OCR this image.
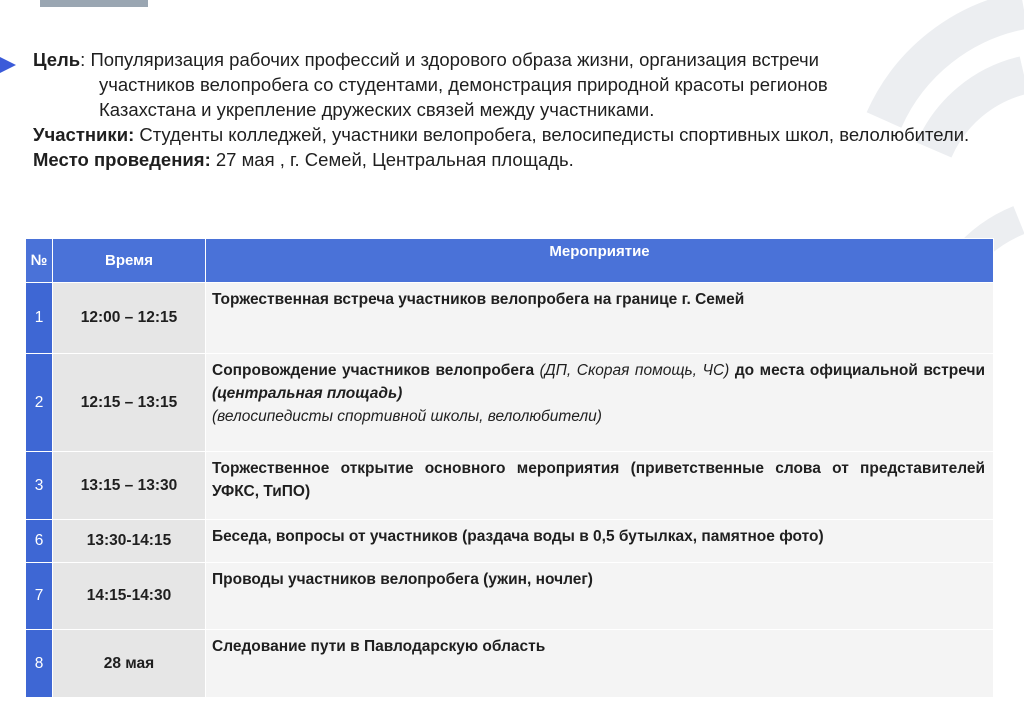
Цель: Популяризация рабочих профессий и здорового образа жизни, организация встречи

участников велопробега со студентами, демонстрация природной красоты регионов

Казахстана и укрепление дружеских связей между участниками.

Участники: Студенты колледжей, участники велопробега, велосипедисты спортивных школ, велолюбители.

Место проведения: 27 мая , г. Семей, Центральная площадь.

№	Время	Мероприятие
1	12:00 – 12:15	Торжественная встреча участников велопробега на границе г. Семей
2	12:15 – 13:15	Сопровождение участников велопробега (ДП, Скорая помощь, ЧС) до места официальной встречи (центральная площадь)
(велосипедисты спортивной школы, велолюбители)
3	13:15 – 13:30	Торжественное открытие основного мероприятия (приветственные слова от представителей УФКС, ТиПО)
6	13:30-14:15	Беседа, вопросы от участников (раздача воды в 0,5 бутылках, памятное фото)
7	14:15-14:30	Проводы участников велопробега (ужин, ночлег)
8	28 мая	Следование пути в Павлодарскую область
